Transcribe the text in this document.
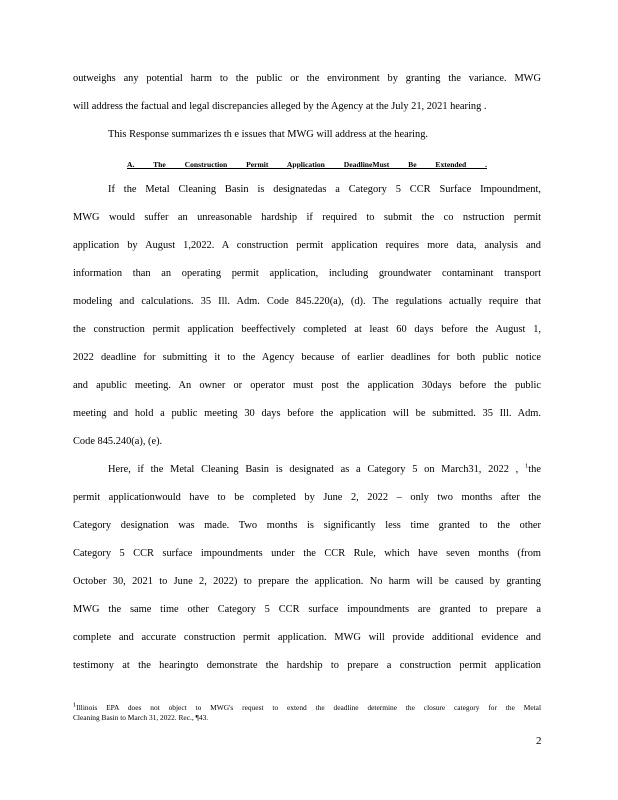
outweighs any potential harm to the public or the environment by granting the variance. MWG
will address the factual and legal discrepancies alleged by the Agency at the July 21, 2021 hearing .
This Response summarizes th e issues that MWG will address at the hearing.
If the Metal Cleaning Basin is designatedas a Category 5 CCR Surface Impoundment,
MWG would suffer an unreasonable hardship if required to submit the co nstruction permit
application by August 1,2022. A construction permit application requires more data, analysis and
information than an operating permit application, including groundwater contaminant transport
modeling and calculations. 35 Ill. Adm. Code 845.220(a), (d). The regulations actually require that
the construction permit application beeffectively completed at least 60 days before the August 1,
2022 deadline for submitting it to the Agency because of earlier deadlines for both public notice
and apublic meeting. An owner or operator must post the application 30days before the public
meeting and hold a public meeting 30 days before the application will be submitted. 35 Ill. Adm.
Code 845.240(a), (e).
permit applicationwould have to be completed by June 2, 2022 – only two months after the
Category designation was made. Two months is significantly less time granted to the other
Category 5 CCR surface impoundments under the CCR Rule, which have seven months (from
October 30, 2021 to June 2, 2022) to prepare the application. No harm will be caused by granting
MWG the same time other Category 5 CCR surface impoundments are granted to prepare a
complete and accurate construction permit application. MWG will provide additional evidence and
testimony at the hearingto demonstrate the hardship to prepare a construction permit application
A. The Construction Permit Application DeadlineMust Be Extended .
Here, if the Metal Cleaning Basin is designated as a Category 5 on March31, 2022 , $^1$the
1Illinois EPA does not object to MWG's request to extend the deadline determine the closure category for the Metal
Cleaning Basin to March 31, 2022. Rec., ¶43.
2
